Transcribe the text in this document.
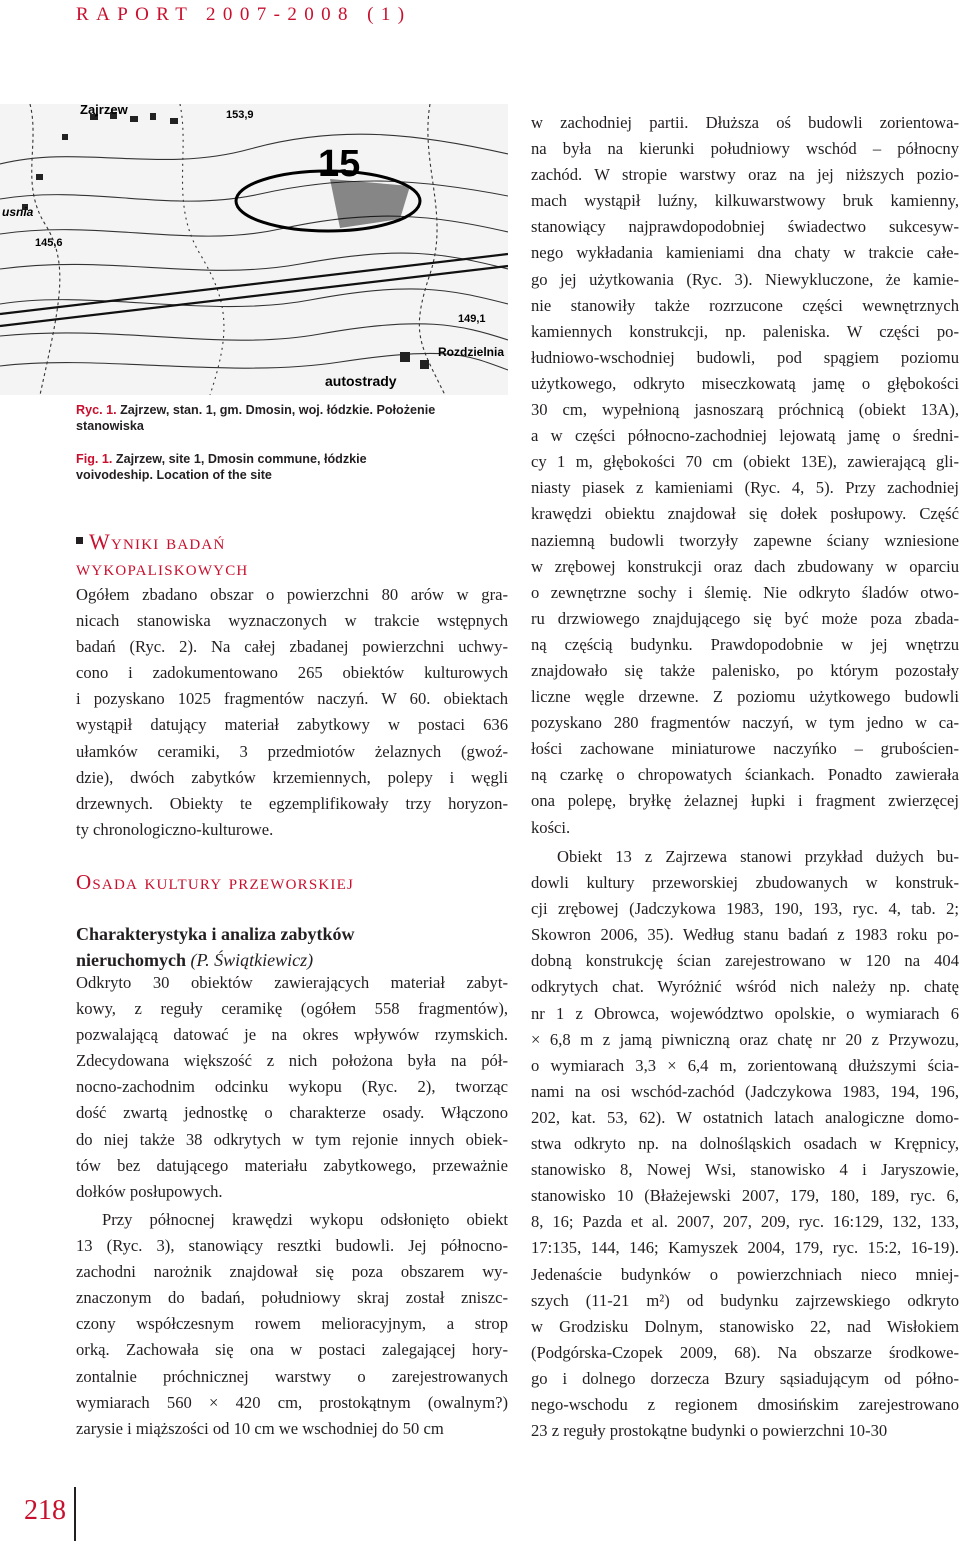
RAPORT 2007-2008 (1)
Zajrzew	153,9
15
145,6
149,1
Rozdzielnia
usnia
autostrady
Ryc. 1. Zajrzew, stan. 1, gm. Dmosin, woj. łódzkie. Położenie stanowiska
Fig. 1. Zajrzew, site 1, Dmosin commune, łódzkie voivodeship. Location of the site
Wyniki badań
wykopaliskowych
Ogółem zbadano obszar o powierzchni 80 arów w gra-
nicach stanowiska wyznaczonych w trakcie wstępnych
badań (Ryc. 2). Na całej zbadanej powierzchni uchwy-
cono i zadokumentowano 265 obiektów kulturowych
i pozyskano 1025 fragmentów naczyń. W 60. obiektach
wystąpił datujący materiał zabytkowy w postaci 636
ułamków ceramiki, 3 przedmiotów żelaznych (gwoź-
dzie), dwóch zabytków krzemiennych, polepy i węgli
drzewnych. Obiekty te egzemplifikowały trzy horyzon-
ty chronologiczno-kulturowe.
Osada kultury przeworskiej
Charakterystyka i analiza zabytków
nieruchomych (P. Świątkiewicz)
Odkryto 30 obiektów zawierających materiał zabyt-
kowy, z reguły ceramikę (ogółem 558 fragmentów),
pozwalającą datować je na okres wpływów rzymskich.
Zdecydowana większość z nich położona była na pół-
nocno-zachodnim odcinku wykopu (Ryc. 2), tworząc
dość zwartą jednostkę o charakterze osady. Włączono
do niej także 38 odkrytych w tym rejonie innych obiek-
tów bez datującego materiału zabytkowego, przeważnie
dołków posłupowych.
Przy północnej krawędzi wykopu odsłonięto obiekt
13 (Ryc. 3), stanowiący resztki budowli. Jej północno-
zachodni narożnik znajdował się poza obszarem wy-
znaczonym do badań, południowy skraj został zniszc-
czony współczesnym rowem melioracyjnym, a strop
orką. Zachowała się ona w postaci zalegającej hory-
zontalnie próchnicznej warstwy o zarejestrowanych
wymiarach 560 × 420 cm, prostokątnym (owalnym?)
zarysie i miąższości od 10 cm we wschodniej do 50 cm
w zachodniej partii. Dłuższa oś budowli zorientowa-
na była na kierunki południowy wschód – północny
zachód. W stropie warstwy oraz na jej niższych pozio-
mach wystąpił luźny, kilkuwarstwowy bruk kamienny,
stanowiący najprawdopodobniej świadectwo sukcesyw-
nego wykładania kamieniami dna chaty w trakcie całe-
go jej użytkowania (Ryc. 3). Niewykluczone, że kamie-
nie stanowiły także rozrzucone części wewnętrznych
kamiennych konstrukcji, np. paleniska. W części po-
łudniowo-wschodniej budowli, pod spągiem poziomu
użytkowego, odkryto miseczkowatą jamę o głębokości
30 cm, wypełnioną jasnoszarą próchnicą (obiekt 13A),
a w części północno-zachodniej lejowatą jamę o średni-
cy 1 m, głębokości 70 cm (obiekt 13E), zawierającą gli-
niasty piasek z kamieniami (Ryc. 4, 5). Przy zachodniej
krawędzi obiektu znajdował się dołek posłupowy. Część
naziemną budowli tworzyły zapewne ściany wzniesione
w zrębowej konstrukcji oraz dach zbudowany w oparciu
o zewnętrzne sochy i ślemię. Nie odkryto śladów otwo-
ru drzwiowego znajdującego się być może poza zbada-
ną częścią budynku. Prawdopodobnie w jej wnętrzu
znajdowało się także palenisko, po którym pozostały
liczne węgle drzewne. Z poziomu użytkowego budowli
pozyskano 280 fragmentów naczyń, w tym jedno w ca-
łości zachowane miniaturowe naczyńko – grubościen-
ną czarkę o chropowatych ściankach. Ponadto zawierała
ona polepę, bryłkę żelaznej łupki i fragment zwierzęcej
kości.
Obiekt 13 z Zajrzewa stanowi przykład dużych bu-
dowli kultury przeworskiej zbudowanych w konstruk-
cji zrębowej (Jadczykowa 1983, 190, 193, ryc. 4, tab. 2;
Skowron 2006, 35). Według stanu badań z 1983 roku po-
dobną konstrukcję ścian zarejestrowano w 120 na 404
odkrytych chat. Wyróżnić wśród nich należy np. chatę
nr 1 z Obrowca, województwo opolskie, o wymiarach 6
× 6,8 m z jamą piwniczną oraz chatę nr 20 z Przywozu,
o wymiarach 3,3 × 6,4 m, zorientowaną dłuższymi ścia-
nami na osi wschód-zachód (Jadczykowa 1983, 194, 196,
202, kat. 53, 62). W ostatnich latach analogiczne domo-
stwa odkryto np. na dolnośląskich osadach w Krępnicy,
stanowisko 8, Nowej Wsi, stanowisko 4 i Jaryszowie,
stanowisko 10 (Błażejewski 2007, 179, 180, 189, ryc. 6,
8, 16; Pazda et al. 2007, 207, 209, ryc. 16:129, 132, 133,
17:135, 144, 146; Kamyszek 2004, 179, ryc. 15:2, 16-19).
Jedenaście budynków o powierzchniach nieco mniej-
szych (11-21 m²) od budynku zajrzewskiego odkryto
w Grodzisku Dolnym, stanowisko 22, nad Wisłokiem
(Podgórska-Czopek 2009, 68). Na obszarze środkowe-
go i dolnego dorzecza Bzury sąsiadującym od półno-
nego-wschodu z regionem dmosińskim zarejestrowano
23 z reguły prostokątne budynki o powierzchni 10-30
218
